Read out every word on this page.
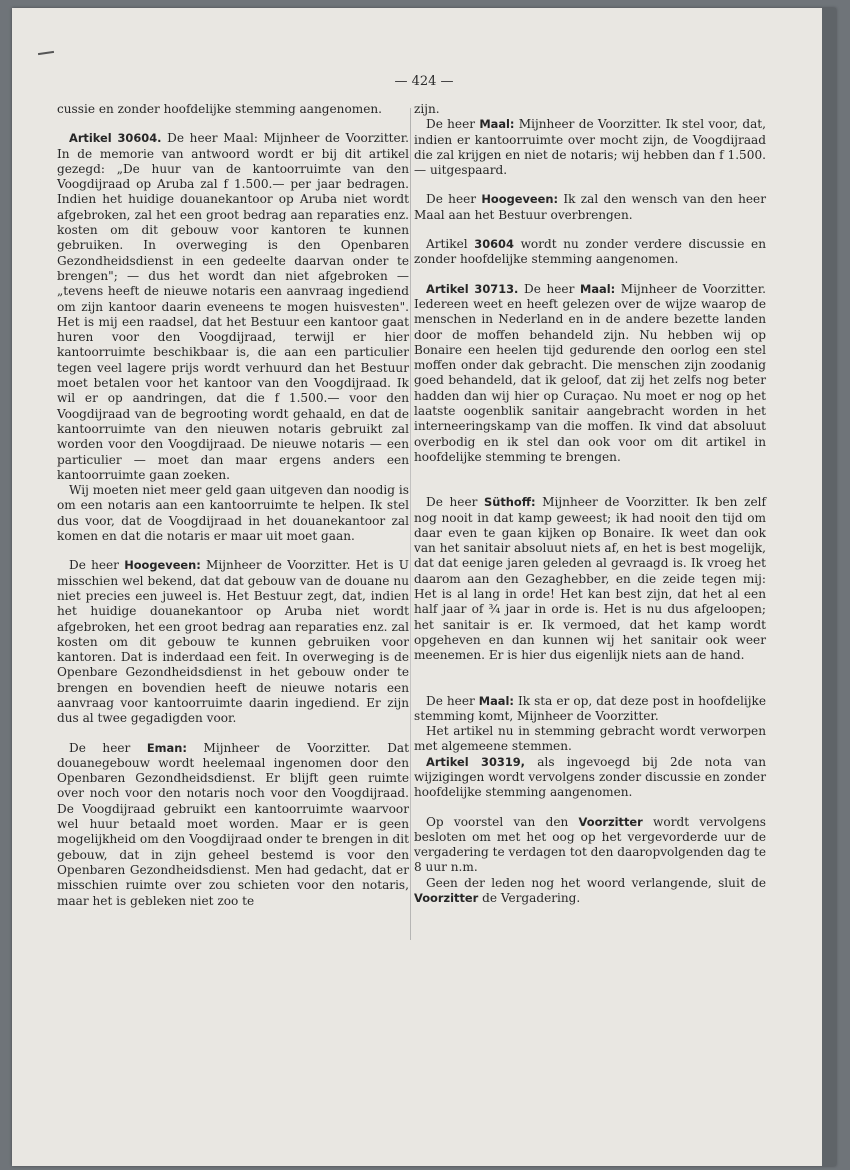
— 424 —

cussie en zonder hoofdelijke stemming aangenomen.

Artikel 30604. De heer Maal: Mijnheer de Voorzitter. In de memorie van antwoord wordt er bij dit artikel gezegd: „De huur van de kantoorruimte van den Voogdijraad op Aruba zal f 1.500.— per jaar bedragen. Indien het huidige douanekantoor op Aruba niet wordt afgebroken, zal het een groot bedrag aan reparaties enz. kosten om dit gebouw voor kantoren te kunnen gebruiken. In overweging is den Openbaren Gezondheidsdienst in een gedeelte daarvan onder te brengen"; — dus het wordt dan niet afgebroken — „tevens heeft de nieuwe notaris een aanvraag ingediend om zijn kantoor daarin eveneens te mogen huisvesten". Het is mij een raadsel, dat het Bestuur een kantoor gaat huren voor den Voogdijraad, terwijl er hier kantoorruimte beschikbaar is, die aan een particulier tegen veel lagere prijs wordt verhuurd dan het Bestuur moet betalen voor het kantoor van den Voogdijraad. Ik wil er op aandringen, dat die f 1.500.— voor den Voogdijraad van de begrooting wordt gehaald, en dat de kantoorruimte van den nieuwen notaris gebruikt zal worden voor den Voogdijraad. De nieuwe notaris — een particulier — moet dan maar ergens anders een kantoorruimte gaan zoeken.

Wij moeten niet meer geld gaan uitgeven dan noodig is om een notaris aan een kantoorruimte te helpen. Ik stel dus voor, dat de Voogdijraad in het douanekantoor zal komen en dat die notaris er maar uit moet gaan.

De heer Hoogeveen: Mijnheer de Voorzitter. Het is U misschien wel bekend, dat dat gebouw van de douane nu niet precies een juweel is. Het Bestuur zegt, dat, indien het huidige douanekantoor op Aruba niet wordt afgebroken, het een groot bedrag aan reparaties enz. zal kosten om dit gebouw te kunnen gebruiken voor kantoren. Dat is inderdaad een feit. In overweging is de Openbare Gezondheidsdienst in het gebouw onder te brengen en bovendien heeft de nieuwe notaris een aanvraag voor kantoorruimte daarin ingediend. Er zijn dus al twee gegadigden voor.

De heer Eman: Mijnheer de Voorzitter. Dat douanegebouw wordt heelemaal ingenomen door den Openbaren Gezondheidsdienst. Er blijft geen ruimte over noch voor den notaris noch voor den Voogdijraad. De Voogdijraad gebruikt een kantoorruimte waarvoor wel huur betaald moet worden. Maar er is geen mogelijkheid om den Voogdijraad onder te brengen in dit gebouw, dat in zijn geheel bestemd is voor den Openbaren Gezondheidsdienst. Men had gedacht, dat er misschien ruimte over zou schieten voor den notaris, maar het is gebleken niet zoo te

zijn.

De heer Maal: Mijnheer de Voorzitter. Ik stel voor, dat, indien er kantoorruimte over mocht zijn, de Voogdijraad die zal krijgen en niet de notaris; wij hebben dan f 1.500.— uitgespaard.

De heer Hoogeveen: Ik zal den wensch van den heer Maal aan het Bestuur overbrengen.

Artikel 30604 wordt nu zonder verdere discussie en zonder hoofdelijke stemming aangenomen.

Artikel 30713. De heer Maal: Mijnheer de Voorzitter. Iedereen weet en heeft gelezen over de wijze waarop de menschen in Nederland en in de andere bezette landen door de moffen behandeld zijn. Nu hebben wij op Bonaire een heelen tijd gedurende den oorlog een stel moffen onder dak gebracht. Die menschen zijn zoodanig goed behandeld, dat ik geloof, dat zij het zelfs nog beter hadden dan wij hier op Curaçao. Nu moet er nog op het laatste oogenblik sanitair aangebracht worden in het interneeringskamp van die moffen. Ik vind dat absoluut overbodig en ik stel dan ook voor om dit artikel in hoofdelijke stemming te brengen.

De heer Süthoff: Mijnheer de Voorzitter. Ik ben zelf nog nooit in dat kamp geweest; ik had nooit den tijd om daar even te gaan kijken op Bonaire. Ik weet dan ook van het sanitair absoluut niets af, en het is best mogelijk, dat dat eenige jaren geleden al gevraagd is. Ik vroeg het daarom aan den Gezaghebber, en die zeide tegen mij: Het is al lang in orde! Het kan best zijn, dat het al een half jaar of ¾ jaar in orde is. Het is nu dus afgeloopen; het sanitair is er. Ik vermoed, dat het kamp wordt opgeheven en dan kunnen wij het sanitair ook weer meenemen. Er is hier dus eigenlijk niets aan de hand.

De heer Maal: Ik sta er op, dat deze post in hoofdelijke stemming komt, Mijnheer de Voorzitter.

Het artikel nu in stemming gebracht wordt verworpen met algemeene stemmen.

Artikel 30319, als ingevoegd bij 2de nota van wijzigingen wordt vervolgens zonder discussie en zonder hoofdelijke stemming aangenomen.

Op voorstel van den Voorzitter wordt vervolgens besloten om met het oog op het vergevorderde uur de vergadering te verdagen tot den daaropvolgenden dag te 8 uur n.m.

Geen der leden nog het woord verlangende, sluit de Voorzitter de Vergadering.
